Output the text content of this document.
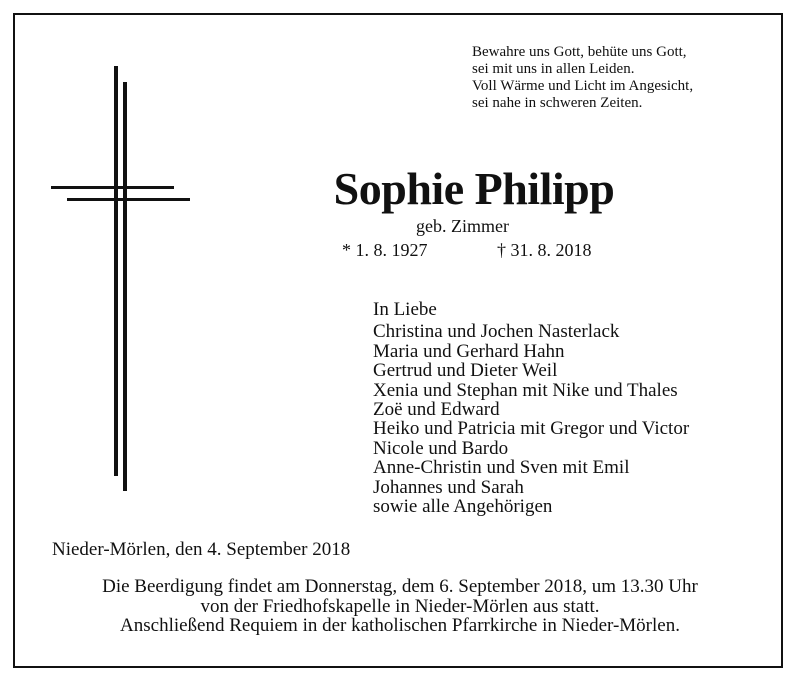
Bewahre uns Gott, behüte uns Gott,
sei mit uns in allen Leiden.
Voll Wärme und Licht im Angesicht,
sei nahe in schweren Zeiten.
Sophie Philipp
geb. Zimmer
* 1. 8. 1927	† 31. 8. 2018
In Liebe
Christina und Jochen Nasterlack
Maria und Gerhard Hahn
Gertrud und Dieter Weil
Xenia und Stephan mit Nike und Thales
Zoë und Edward
Heiko und Patricia mit Gregor und Victor
Nicole und Bardo
Anne-Christin und Sven mit Emil
Johannes und Sarah
sowie alle Angehörigen
Nieder-Mörlen, den 4. September 2018
Die Beerdigung findet am Donnerstag, dem 6. September 2018, um 13.30 Uhr
von der Friedhofskapelle in Nieder-Mörlen aus statt.
Anschließend Requiem in der katholischen Pfarrkirche in Nieder-Mörlen.
